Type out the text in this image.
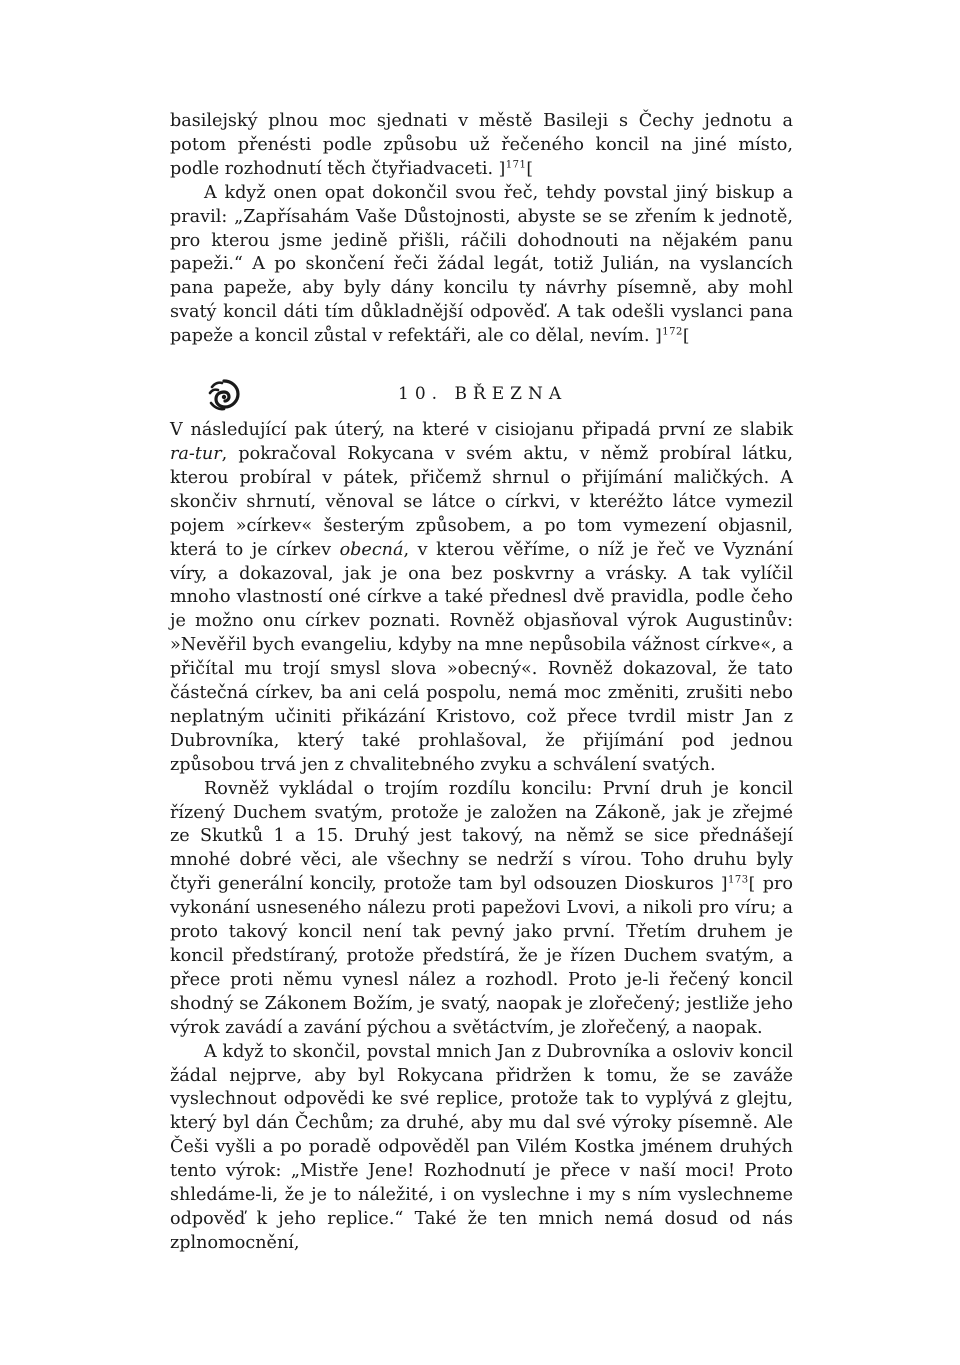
basilejský plnou moc sjednati v městě Basileji s Čechy jednotu a potom přenésti podle způsobu už řečeného koncil na jiné místo, podle rozhodnutí těch čtyřiadvaceti. ]$^{171}$[

A když onen opat dokončil svou řeč, tehdy povstal jiný biskup a pravil: „Zapřísahám Vaše Důstojnosti, abyste se se zřením k jednotě, pro kterou jsme jedině přišli, ráčili dohodnouti na nějakém panu papeži.“ A po skončení řeči žádal legát, totiž Julián, na vyslancích pana papeže, aby byly dány koncilu ty návrhy písemně, aby mohl svatý koncil dáti tím důkladnější odpověď. A tak odešli vyslanci pana papeže a koncil zůstal v refektáři, ale co dělal, nevím. ]$^{172}$[

10. BŘEZNA

V následující pak úterý, na které v cisiojanu připadá první ze slabik ra-tur, pokračoval Rokycana v svém aktu, v němž probíral látku, kterou probíral v pátek, přičemž shrnul o přijímání maličkých. A skončiv shrnutí, věnoval se látce o církvi, v kteréžto látce vymezil pojem »církev« šesterým způsobem, a po tom vymezení objasnil, která to je církev obecná, v kterou věříme, o níž je řeč ve Vyznání víry, a dokazoval, jak je ona bez poskvrny a vrásky. A tak vylíčil mnoho vlastností oné církve a také přednesl dvě pravidla, podle čeho je možno onu církev poznati. Rovněž objasňoval výrok Augustinův: »Nevěřil bych evangeliu, kdyby na mne nepůsobila vážnost církve«, a přičítal mu trojí smysl slova »obecný«. Rovněž dokazoval, že tato částečná církev, ba ani celá pospolu, nemá moc změniti, zrušiti nebo neplatným učiniti přikázání Kristovo, což přece tvrdil mistr Jan z Dubrovníka, který také prohlašoval, že přijímání pod jednou způsobou trvá jen z chvalitebného zvyku a schválení svatých.

Rovněž vykládal o trojím rozdílu koncilu: První druh je koncil řízený Duchem svatým, protože je založen na Zákoně, jak je zřejmé ze Skutků 1 a 15. Druhý jest takový, na němž se sice přednášejí mnohé dobré věci, ale všechny se nedrží s vírou. Toho druhu byly čtyři generální koncily, protože tam byl odsouzen Dioskuros ]$^{173}$[ pro vykonání usneseného nálezu proti papežovi Lvovi, a nikoli pro víru; a proto takový koncil není tak pevný jako první. Třetím druhem je koncil předstíraný, protože předstírá, že je řízen Duchem svatým, a přece proti němu vynesl nález a rozhodl. Proto je-li řečený koncil shodný se Zákonem Božím, je svatý, naopak je zlořečený; jestliže jeho výrok zavádí a zavání pýchou a světáctvím, je zlořečený, a naopak.

A když to skončil, povstal mnich Jan z Dubrovníka a osloviv koncil žádal nejprve, aby byl Rokycana přidržen k tomu, že se zaváže vyslechnout odpovědi ke své replice, protože tak to vyplývá z glejtu, který byl dán Čechům; za druhé, aby mu dal své výroky písemně. Ale Češi vyšli a po poradě odpověděl pan Vilém Kostka jménem druhých tento výrok: „Mistře Jene! Rozhodnutí je přece v naší moci! Proto shledáme-li, že je to náležité, i on vyslechne i my s ním vyslechneme odpověď k jeho replice.“ Také že ten mnich nemá dosud od nás zplnomocnění,
